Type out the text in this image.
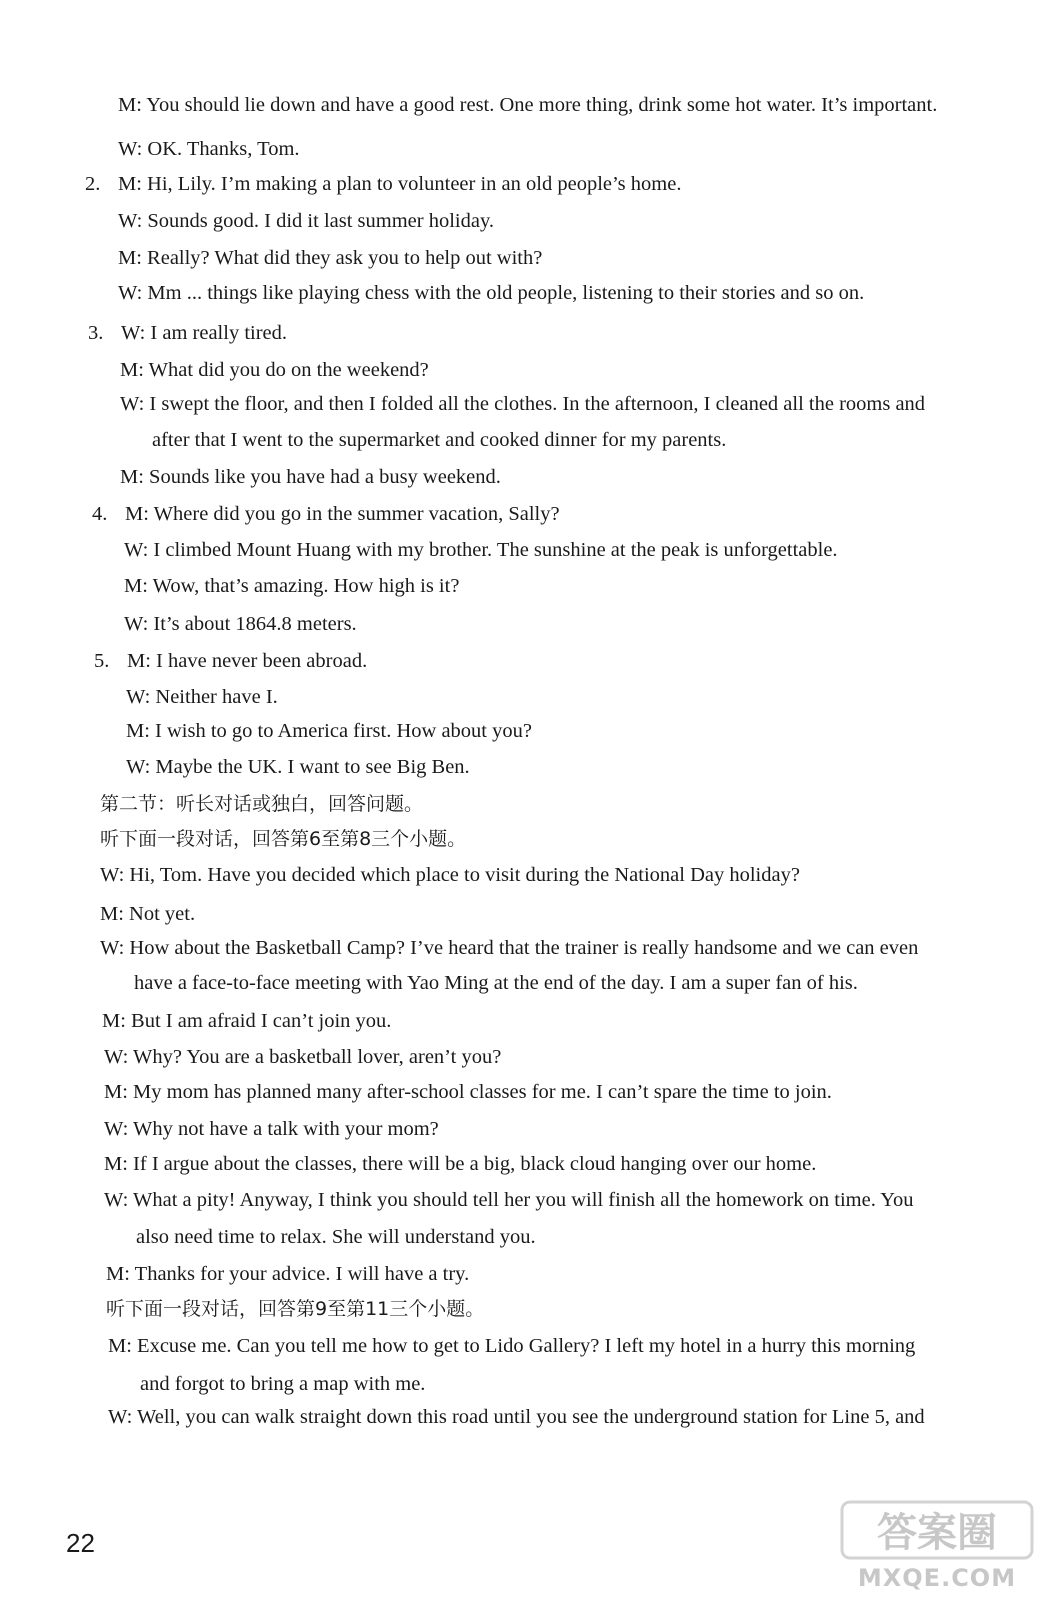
M: You should lie down and have a good rest. One more thing, drink some hot water. It’s important.
W: OK. Thanks, Tom.
2. M: Hi, Lily. I’m making a plan to volunteer in an old people’s home.
W: Sounds good. I did it last summer holiday.
M: Really? What did they ask you to help out with?
W: Mm ... things like playing chess with the old people, listening to their stories and so on.
3. W: I am really tired.
M: What did you do on the weekend?
W: I swept the floor, and then I folded all the clothes. In the afternoon, I cleaned all the rooms and
after that I went to the supermarket and cooked dinner for my parents.
M: Sounds like you have had a busy weekend.
4. M: Where did you go in the summer vacation, Sally?
W: I climbed Mount Huang with my brother. The sunshine at the peak is unforgettable.
M: Wow, that’s amazing. How high is it?
W: It’s about 1864.8 meters.
5. M: I have never been abroad.
W: Neither have I.
M: I wish to go to America first. How about you?
W: Maybe the UK. I want to see Big Ben.
第二节：听长对话或独白，回答问题。
听下面一段对话，回答第6至第8三个小题。
W: Hi, Tom. Have you decided which place to visit during the National Day holiday?
M: Not yet.
W: How about the Basketball Camp? I’ve heard that the trainer is really handsome and we can even
have a face-to-face meeting with Yao Ming at the end of the day. I am a super fan of his.
M: But I am afraid I can’t join you.
W: Why? You are a basketball lover, aren’t you?
M: My mom has planned many after-school classes for me. I can’t spare the time to join.
W: Why not have a talk with your mom?
M: If I argue about the classes, there will be a big, black cloud hanging over our home.
W: What a pity! Anyway, I think you should tell her you will finish all the homework on time. You
also need time to relax. She will understand you.
M: Thanks for your advice. I will have a try.
听下面一段对话，回答第9至第11三个小题。
M: Excuse me. Can you tell me how to get to Lido Gallery? I left my hotel in a hurry this morning
and forgot to bring a map with me.
W: Well, you can walk straight down this road until you see the underground station for Line 5, and
22	答案圈
MXQE.COM
